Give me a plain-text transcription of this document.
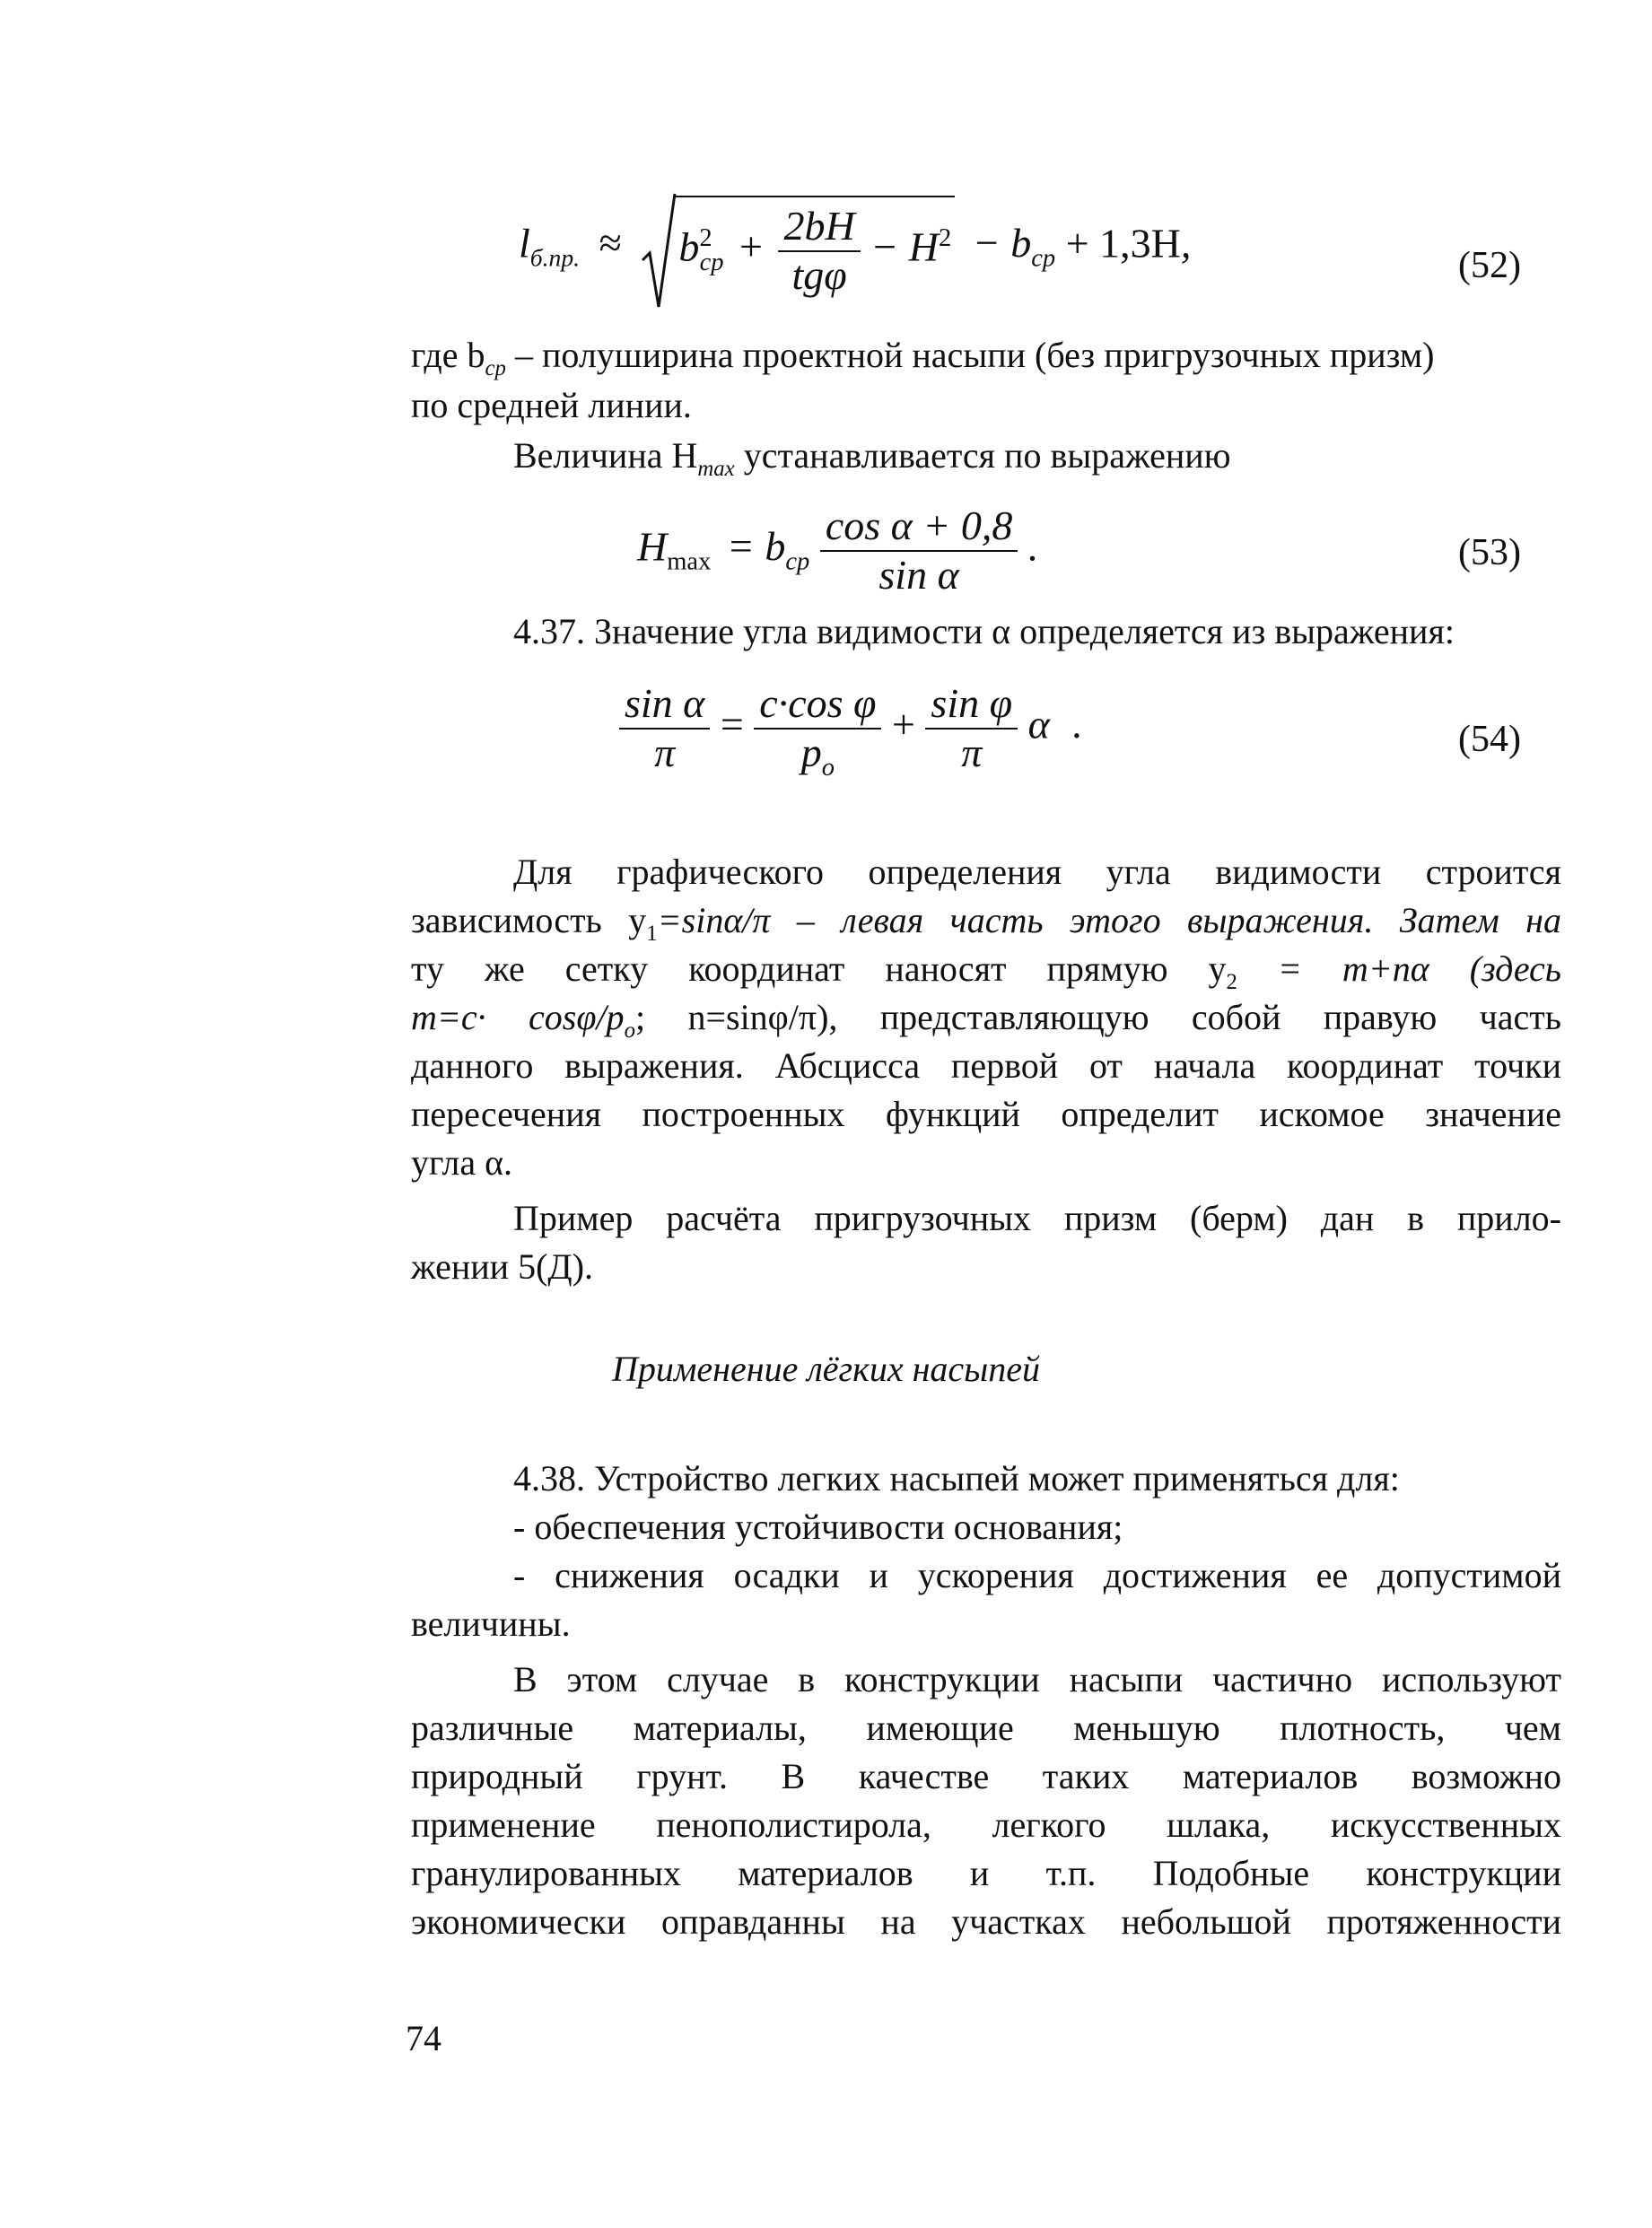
$l_{б.пр.} \approx b^2_{ср} + \frac{2bH}{\text{tgφ}} - H^2 - b_{ср} + 1,3H$,	(52)
где $b_{ср}$ – полуширина проектной насыпи (без пригрузочных призм)
по средней линии.
Величина $H_{max}$ устанавливается по выражению
$H_{max} = b_{ср} \frac{\text{cos α + 0,8}}{\text{sin α}}$ .	(53)
4.37. Значение угла видимости α определяется из выражения:
$\frac{\text{sin α}}{\pi} = \frac{\text{c·cos φ}}{p_o} + \frac{\text{sin φ}}{\pi}$ α .	(54)
Для графического определения угла видимости строится
зависимость $y_1=\sin\alpha/\pi$ – левая часть этого выражения. Затем на
ту же сетку координат наносят прямую $y_2 = m+n\alpha$ (здесь
m=c· cosφ/$p_o$; n=sinφ/π), представляющую собой правую часть
данного выражения. Абсцисса первой от начала координат точки
пересечения построенных функций определит искомое значение
угла α.
Пример расчёта пригрузочных призм (берм) дан в прило-
жении 5(Д).
Применение лёгких насыпей
4.38. Устройство легких насыпей может применяться для:
- обеспечения устойчивости основания;
- снижения осадки и ускорения достижения ее допустимой
величины.
В этом случае в конструкции насыпи частично используют
различные материалы, имеющие меньшую плотность, чем
природный грунт. В качестве таких материалов возможно
применение пенополистирола, легкого шлака, искусственных
гранулированных материалов и т.п. Подобные конструкции
экономически оправданны на участках небольшой протяженности
74
